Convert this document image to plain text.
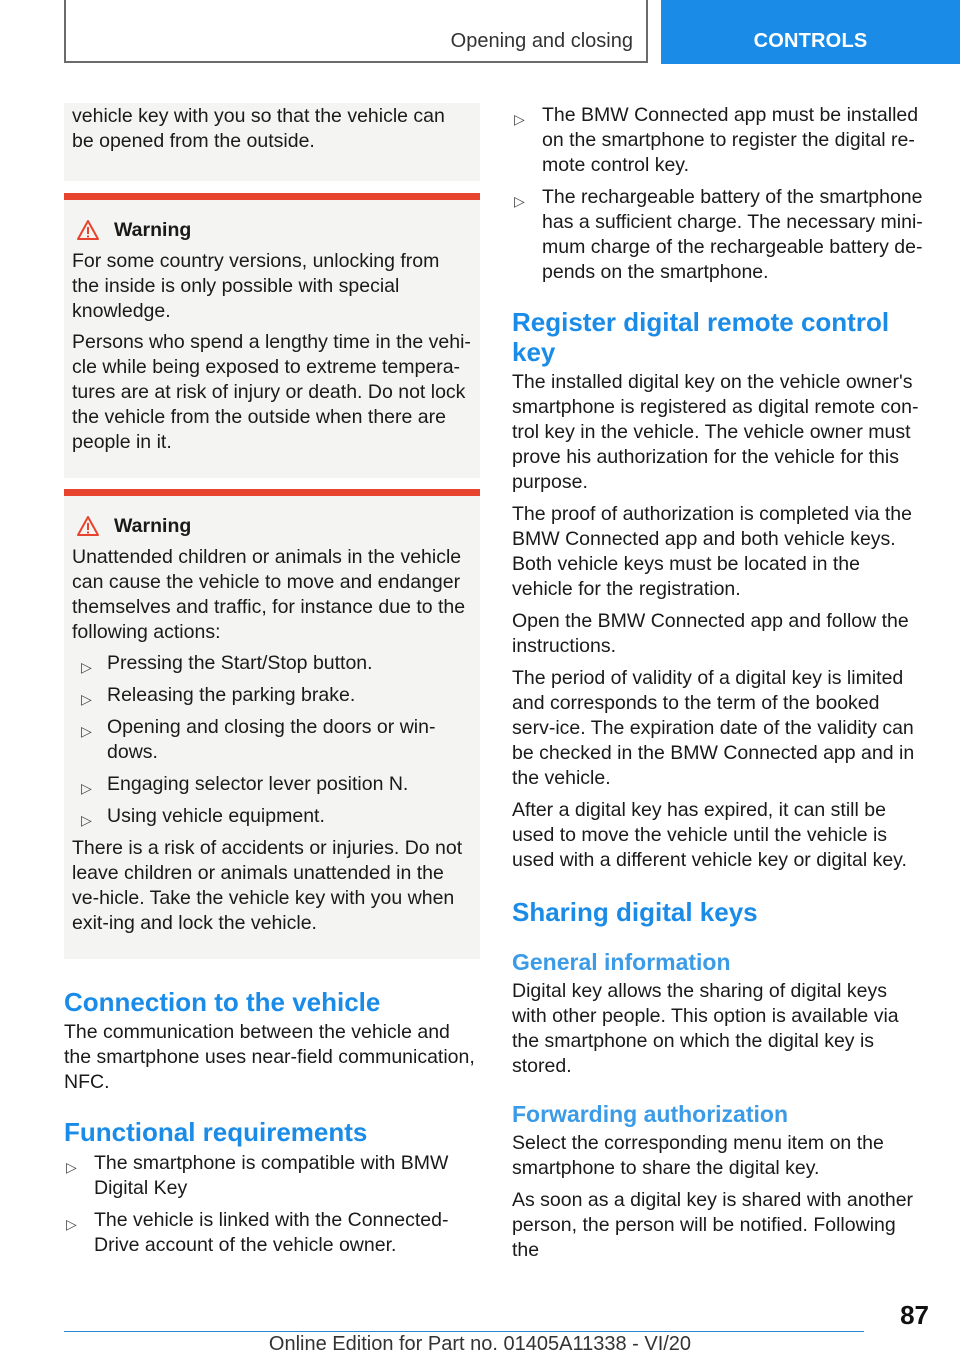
Opening and closing	CONTROLS

vehicle key with you so that the vehicle can be opened from the outside.

Warning

For some country versions, unlocking from the inside is only possible with special knowledge.

Persons who spend a lengthy time in the vehi-cle while being exposed to extreme tempera-tures are at risk of injury or death. Do not lock the vehicle from the outside when there are people in it.

Warning

Unattended children or animals in the vehicle can cause the vehicle to move and endanger themselves and traffic, for instance due to the following actions:

▷ Pressing the Start/Stop button.
▷ Releasing the parking brake.
▷ Opening and closing the doors or win-dows.
▷ Engaging selector lever position N.
▷ Using vehicle equipment.

There is a risk of accidents or injuries. Do not leave children or animals unattended in the ve-hicle. Take the vehicle key with you when exit-ing and lock the vehicle.

Connection to the vehicle

The communication between the vehicle and the smartphone uses near-field communication, NFC.

Functional requirements
▷ The smartphone is compatible with BMW Digital Key
▷ The vehicle is linked with the Connected-Drive account of the vehicle owner.
▷ The BMW Connected app must be installed on the smartphone to register the digital re-mote control key.
▷ The rechargeable battery of the smartphone has a sufficient charge. The necessary mini-mum charge of the rechargeable battery de-pends on the smartphone.
Register digital remote control key

The installed digital key on the vehicle owner's smartphone is registered as digital remote con-trol key in the vehicle. The vehicle owner must prove his authorization for the vehicle for this purpose.

The proof of authorization is completed via the BMW Connected app and both vehicle keys. Both vehicle keys must be located in the vehicle for the registration.

Open the BMW Connected app and follow the instructions.

The period of validity of a digital key is limited and corresponds to the term of the booked serv-ice. The expiration date of the validity can be checked in the BMW Connected app and in the vehicle.

After a digital key has expired, it can still be used to move the vehicle until the vehicle is used with a different vehicle key or digital key.

Sharing digital keys
General information

Digital key allows the sharing of digital keys with other people. This option is available via the smartphone on which the digital key is stored.

Forwarding authorization

Select the corresponding menu item on the smartphone to share the digital key.

As soon as a digital key is shared with another person, the person will be notified. Following the

87
Online Edition for Part no. 01405A11338 - VI/20
